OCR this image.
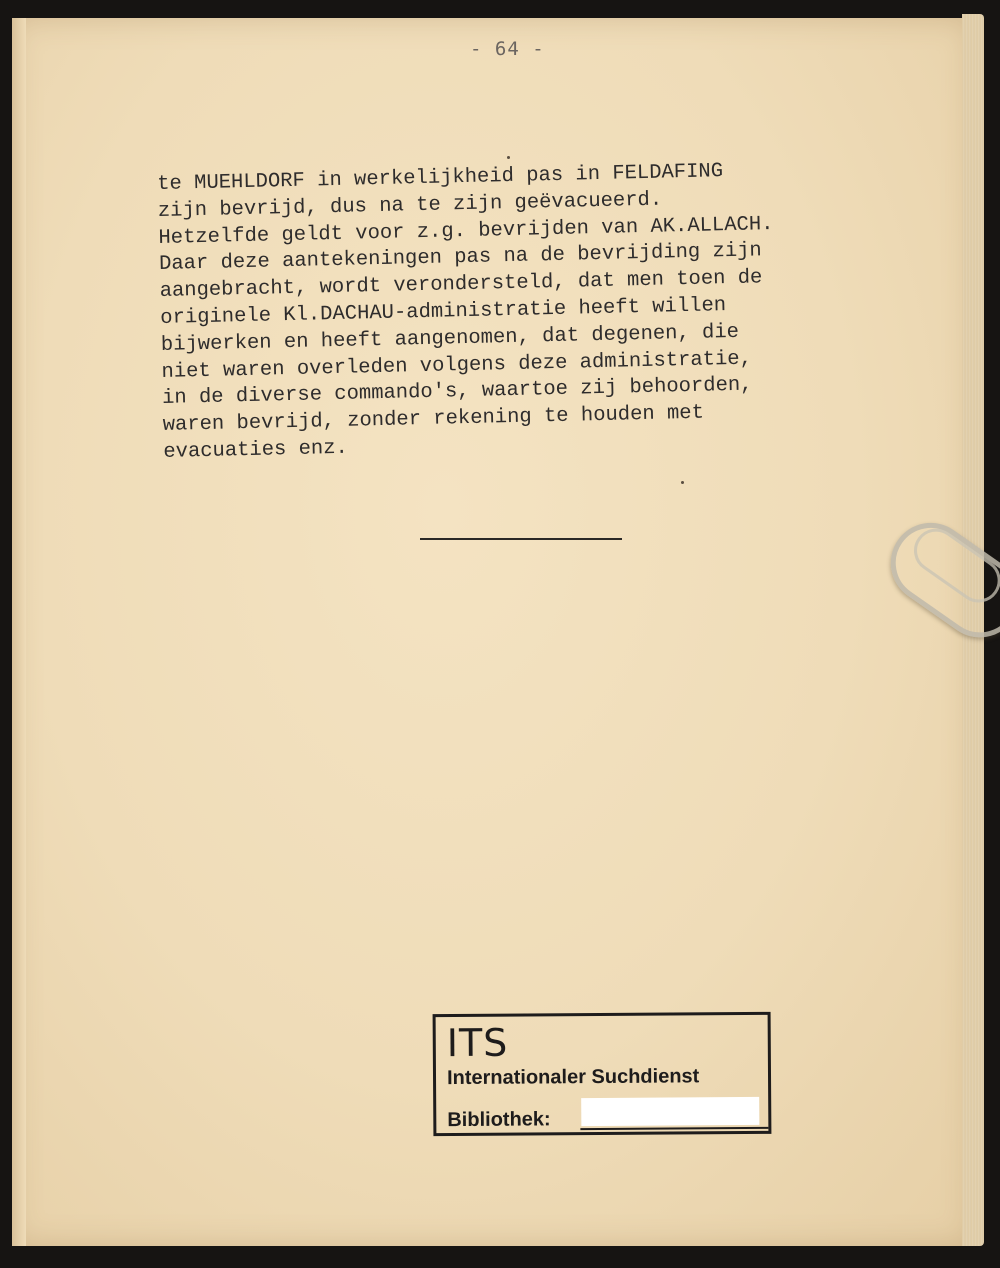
- 64 -
te MUEHLDORF in werkelijkheid pas in FELDAFING
zijn bevrijd, dus na te zijn geëvacueerd.
Hetzelfde geldt voor z.g. bevrijden van AK.ALLACH.
Daar deze aantekeningen pas na de bevrijding zijn
aangebracht, wordt verondersteld, dat men toen de
originele Kl.DACHAU-administratie heeft willen
bijwerken en heeft aangenomen, dat degenen, die
niet waren overleden volgens deze administratie,
in de diverse commando's, waartoe zij behoorden,
waren bevrijd, zonder rekening te houden met
evacuaties enz.
ITS
Internationaler Suchdienst
Bibliothek:
